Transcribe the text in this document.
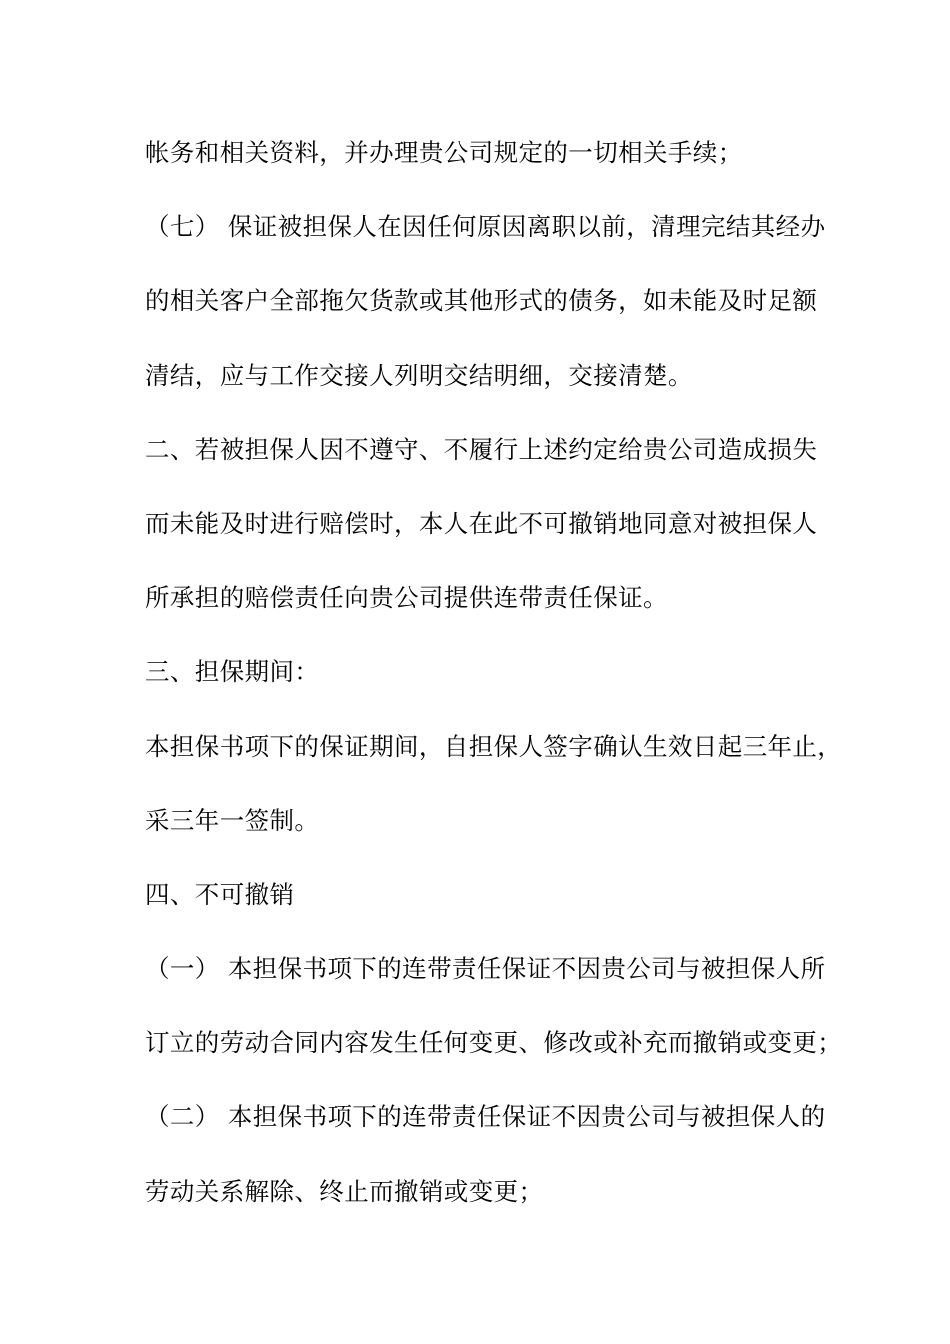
帐务和相关资料，并办理贵公司规定的一切相关手续；
（七） 保证被担保人在因任何原因离职以前，清理完结其经办
的相关客户全部拖欠货款或其他形式的债务，如未能及时足额
清结，应与工作交接人列明交结明细，交接清楚。
二、若被担保人因不遵守、不履行上述约定给贵公司造成损失
而未能及时进行赔偿时，本人在此不可撤销地同意对被担保人
所承担的赔偿责任向贵公司提供连带责任保证。
三、担保期间：
本担保书项下的保证期间，自担保人签字确认生效日起三年止，
采三年一签制。
四、不可撤销
（一） 本担保书项下的连带责任保证不因贵公司与被担保人所
订立的劳动合同内容发生任何变更、修改或补充而撤销或变更；
（二） 本担保书项下的连带责任保证不因贵公司与被担保人的
劳动关系解除、终止而撤销或变更；
